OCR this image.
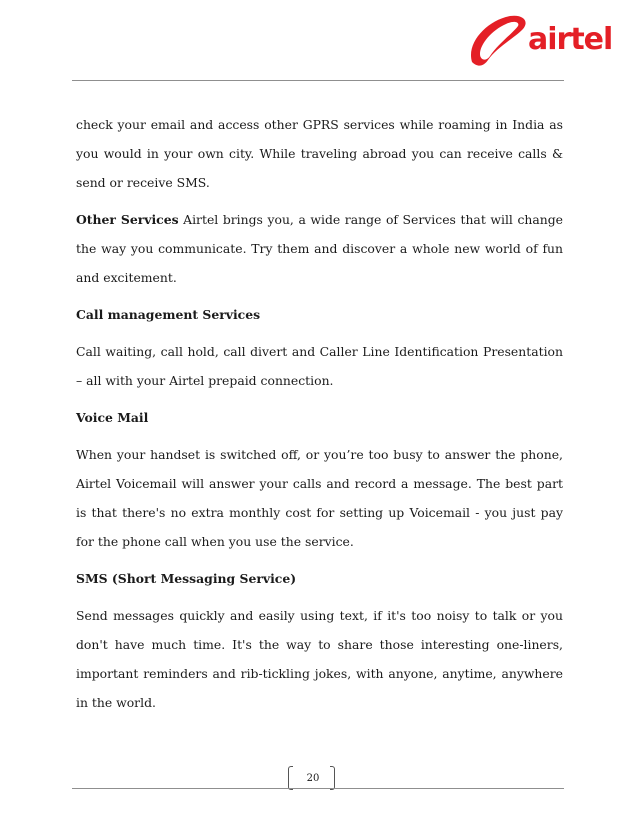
airtel

check your email and access other GPRS services while roaming in India as you would in your own city. While traveling abroad you can receive calls & send or receive SMS.

Other Services Airtel brings you, a wide range of Services that will change the way you communicate. Try them and discover a whole new world of fun and excitement.

Call management Services

Call waiting, call hold, call divert and Caller Line Identification Presentation – all with your Airtel prepaid connection.

Voice Mail

When your handset is switched off, or you’re too busy to answer the phone, Airtel Voicemail will answer your calls and record a message. The best part is that there's no extra monthly cost for setting up Voicemail - you just pay for the phone call when you use the service.

SMS (Short Messaging Service)

Send messages quickly and easily using text, if it's too noisy to talk or you don't have much time. It's the way to share those interesting one-liners, important reminders and rib-tickling jokes, with anyone, anytime, anywhere in the world.

20
